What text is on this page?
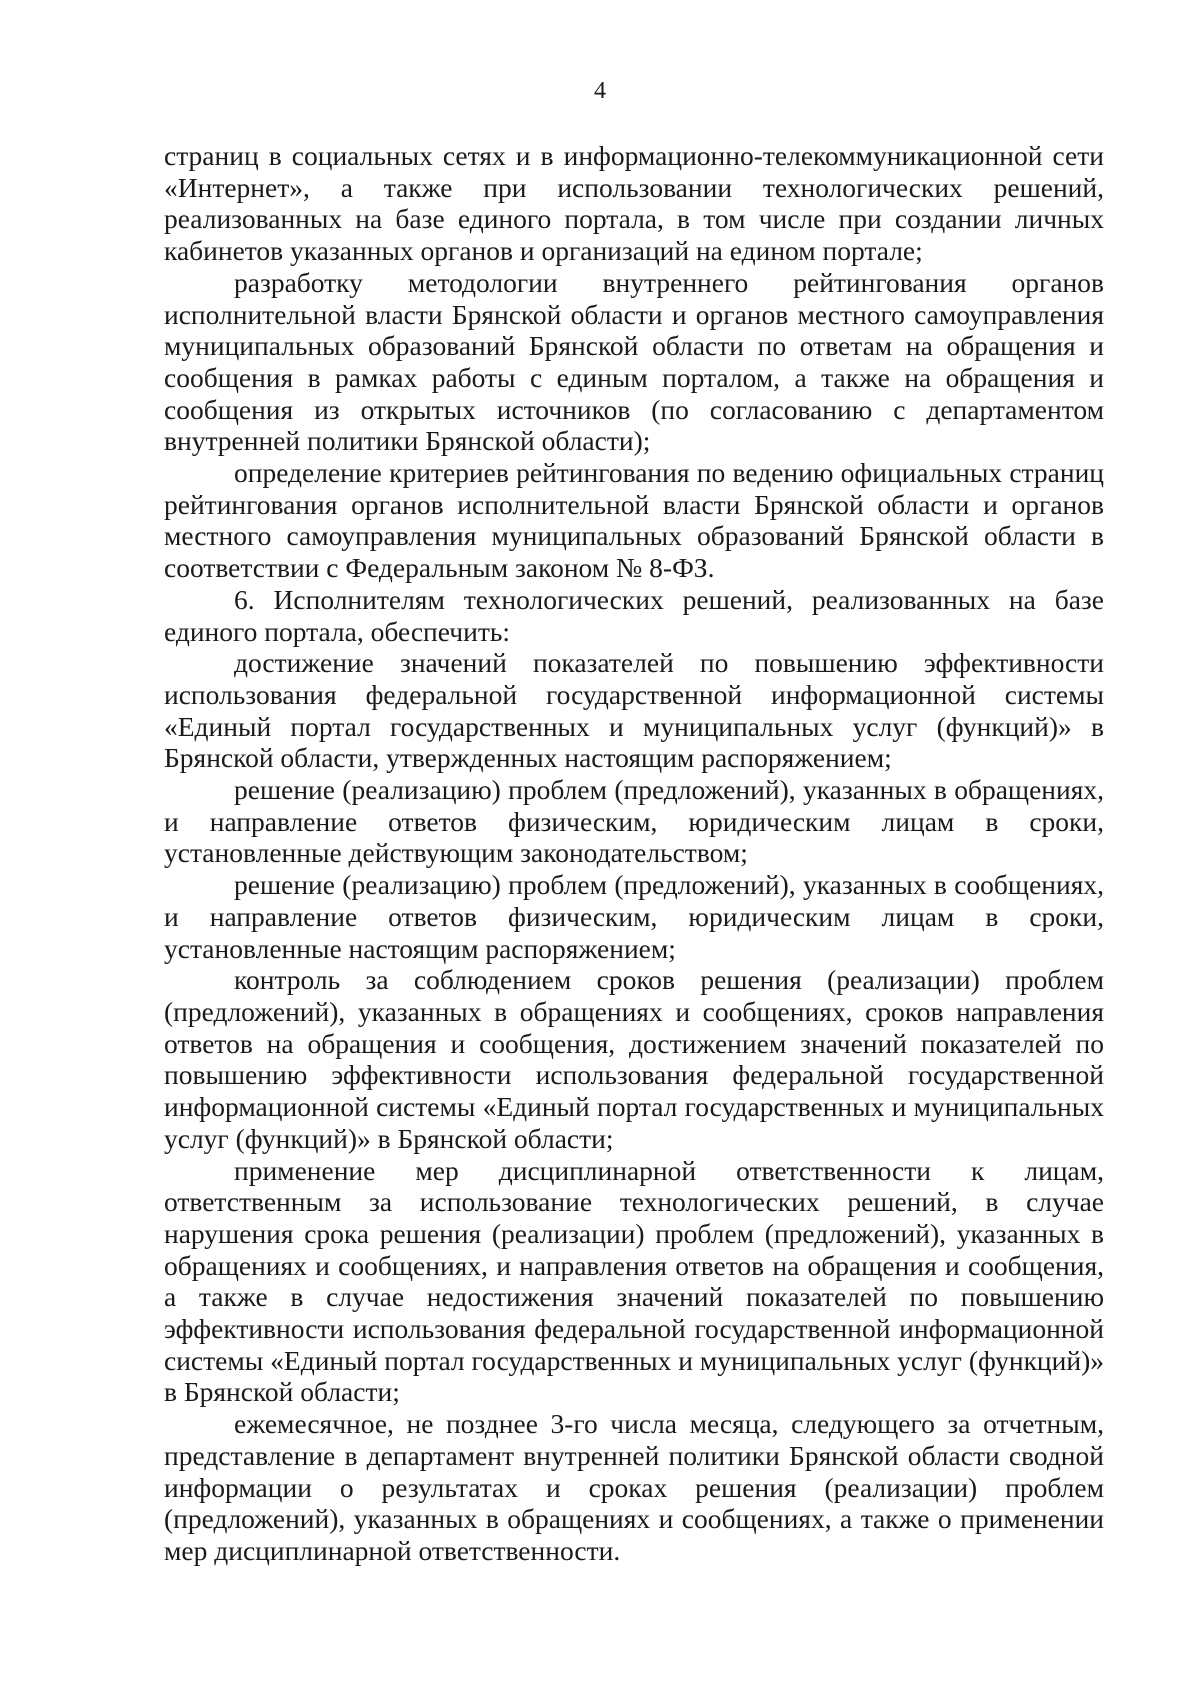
4

страниц в социальных сетях и в информационно-телекоммуникационной сети «Интернет», а также при использовании технологических решений, реализованных на базе единого портала, в том числе при создании личных кабинетов указанных органов и организаций на едином портале;

разработку методологии внутреннего рейтингования органов исполнительной власти Брянской области и органов местного самоуправления муниципальных образований Брянской области по ответам на обращения и сообщения в рамках работы с единым порталом, а также на обращения и сообщения из открытых источников (по согласованию с департаментом внутренней политики Брянской области);

определение критериев рейтингования по ведению официальных страниц рейтингования органов исполнительной власти Брянской области и органов местного самоуправления муниципальных образований Брянской области в соответствии с Федеральным законом № 8-ФЗ.

6. Исполнителям технологических решений, реализованных на базе единого портала, обеспечить:

достижение значений показателей по повышению эффективности использования федеральной государственной информационной системы «Единый портал государственных и муниципальных услуг (функций)» в Брянской области, утвержденных настоящим распоряжением;

решение (реализацию) проблем (предложений), указанных в обращениях, и направление ответов физическим, юридическим лицам в сроки, установленные действующим законодательством;

решение (реализацию) проблем (предложений), указанных в сообщениях, и направление ответов физическим, юридическим лицам в сроки, установленные настоящим распоряжением;

контроль за соблюдением сроков решения (реализации) проблем (предложений), указанных в обращениях и сообщениях, сроков направления ответов на обращения и сообщения, достижением значений показателей по повышению эффективности использования федеральной государственной информационной системы «Единый портал государственных и муниципальных услуг (функций)» в Брянской области;

применение мер дисциплинарной ответственности к лицам, ответственным за использование технологических решений, в случае нарушения срока решения (реализации) проблем (предложений), указанных в обращениях и сообщениях, и направления ответов на обращения и сообщения, а также в случае недостижения значений показателей по повышению эффективности использования федеральной государственной информационной системы «Единый портал государственных и муниципальных услуг (функций)» в Брянской области;

ежемесячное, не позднее 3-го числа месяца, следующего за отчетным, представление в департамент внутренней политики Брянской области сводной информации о результатах и сроках решения (реализации) проблем (предложений), указанных в обращениях и сообщениях, а также о применении мер дисциплинарной ответственности.
